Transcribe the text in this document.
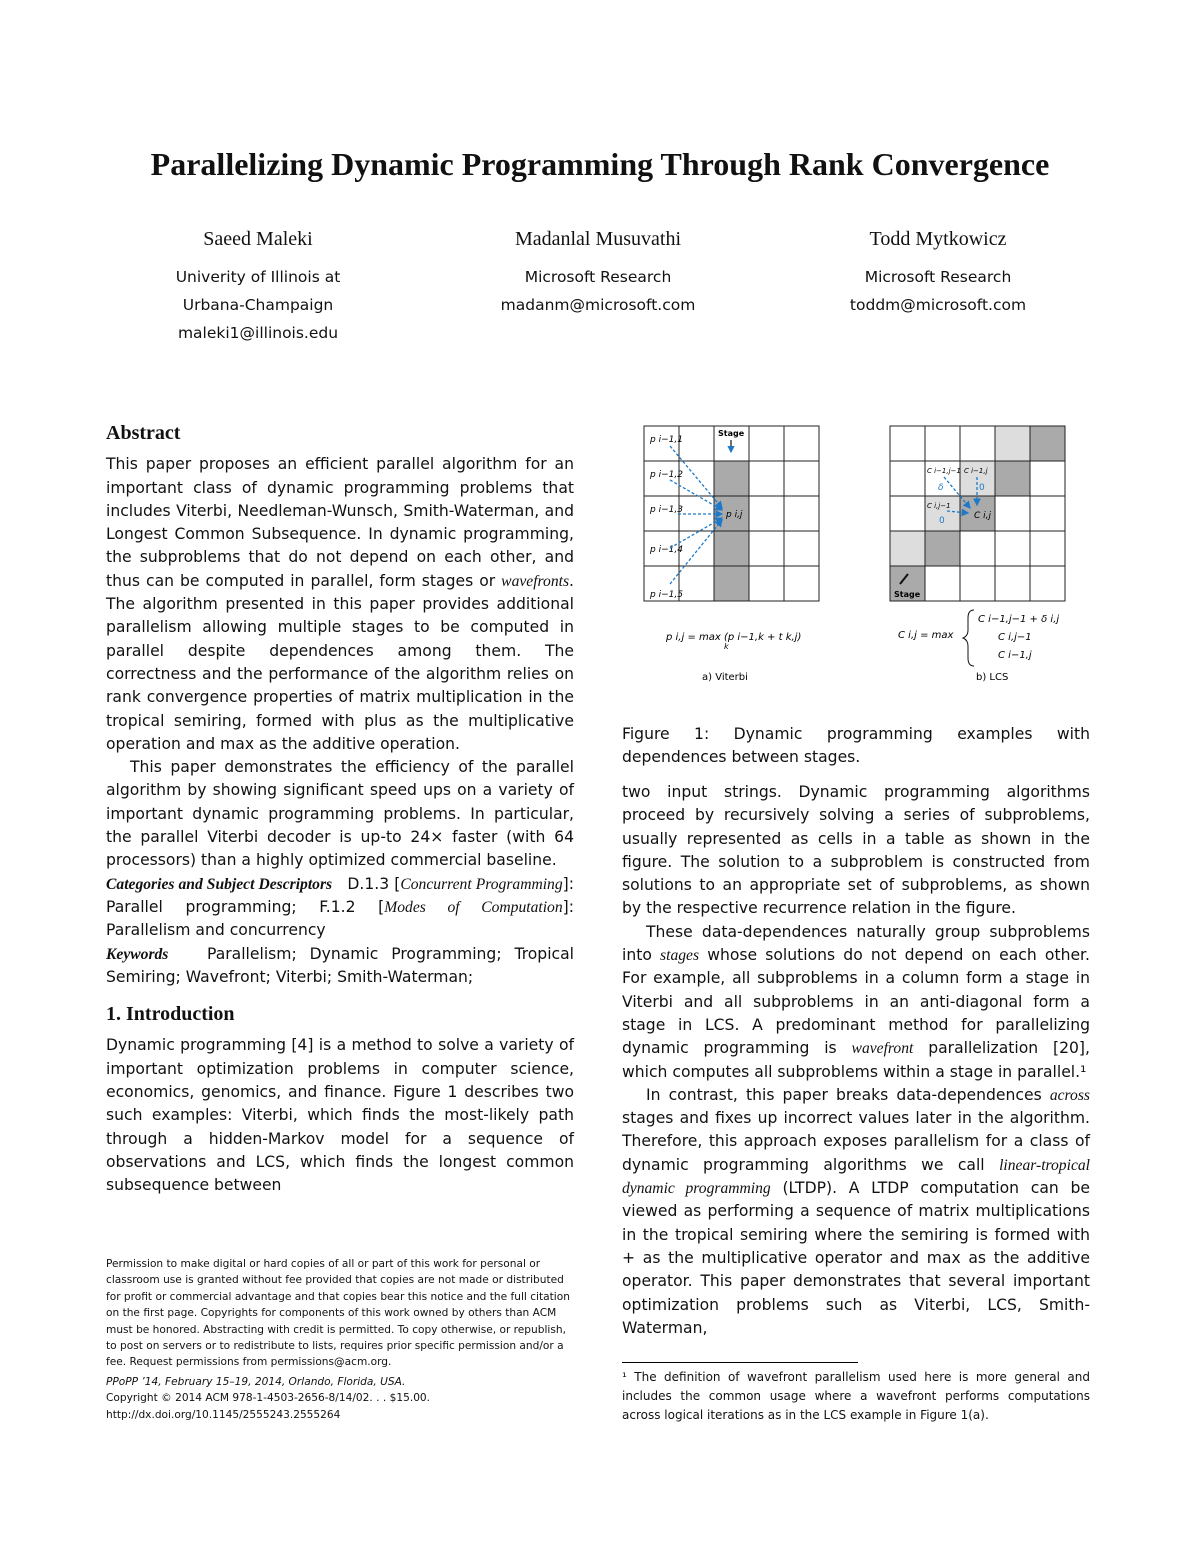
Parallelizing Dynamic Programming Through Rank Convergence
Saeed Maleki
Univerity of Illinois at
Urbana-Champaign
maleki1@illinois.edu
Madanlal Musuvathi
Microsoft Research
madanm@microsoft.com
Todd Mytkowicz
Microsoft Research
toddm@microsoft.com
Abstract

This paper proposes an efficient parallel algorithm for an important class of dynamic programming problems that includes Viterbi, Needleman-Wunsch, Smith-Waterman, and Longest Common Subsequence. In dynamic programming, the subproblems that do not depend on each other, and thus can be computed in parallel, form stages or wavefronts. The algorithm presented in this paper provides additional parallelism allowing multiple stages to be computed in parallel despite dependences among them. The correctness and the performance of the algorithm relies on rank convergence properties of matrix multiplication in the tropical semiring, formed with plus as the multiplicative operation and max as the additive operation.

This paper demonstrates the efficiency of the parallel algorithm by showing significant speed ups on a variety of important dynamic programming problems. In particular, the parallel Viterbi decoder is up-to 24× faster (with 64 processors) than a highly optimized commercial baseline.

Categories and Subject Descriptors D.1.3 [Concurrent Programming]: Parallel programming; F.1.2 [Modes of Computation]: Parallelism and concurrency

Keywords Parallelism; Dynamic Programming; Tropical Semiring; Wavefront; Viterbi; Smith-Waterman;

1. Introduction

Dynamic programming [4] is a method to solve a variety of important optimization problems in computer science, economics, genomics, and finance. Figure 1 describes two such examples: Viterbi, which finds the most-likely path through a hidden-Markov model for a sequence of observations and LCS, which finds the longest common subsequence between

Permission to make digital or hard copies of all or part of this work for personal or
classroom use is granted without fee provided that copies are not made or distributed
for profit or commercial advantage and that copies bear this notice and the full citation
on the first page. Copyrights for components of this work owned by others than ACM
must be honored. Abstracting with credit is permitted. To copy otherwise, or republish,
to post on servers or to redistribute to lists, requires prior specific permission and/or a
fee. Request permissions from permissions@acm.org.
PPoPP ’14, February 15–19, 2014, Orlando, Florida, USA.
Copyright © 2014 ACM 978-1-4503-2656-8/14/02. . . $15.00.
http://dx.doi.org/10.1145/2555243.2555264
p i−1,1
p i−1,2
p i−1,3
p i−1,4
p i−1,5
p i,j
Stage
p i,j = max (p i−1,k + t k,j)
k
a) Viterbi
C i−1,j−1 C i−1,j
C i,j−1
C i,j
δ	0
0
Stage
C i,j = max
C i−1,j−1 + δ i,j
C i,j−1
C i−1,j
b) LCS
Figure 1: Dynamic programming examples with dependences between stages.

two input strings. Dynamic programming algorithms proceed by recursively solving a series of subproblems, usually represented as cells in a table as shown in the figure. The solution to a subproblem is constructed from solutions to an appropriate set of subproblems, as shown by the respective recurrence relation in the figure.

These data-dependences naturally group subproblems into stages whose solutions do not depend on each other. For example, all subproblems in a column form a stage in Viterbi and all subproblems in an anti-diagonal form a stage in LCS. A predominant method for parallelizing dynamic programming is wavefront parallelization [20], which computes all subproblems within a stage in parallel.¹

In contrast, this paper breaks data-dependences across stages and fixes up incorrect values later in the algorithm. Therefore, this approach exposes parallelism for a class of dynamic programming algorithms we call linear-tropical dynamic programming (LTDP). A LTDP computation can be viewed as performing a sequence of matrix multiplications in the tropical semiring where the semiring is formed with + as the multiplicative operator and max as the additive operator. This paper demonstrates that several important optimization problems such as Viterbi, LCS, Smith-Waterman,

¹ The definition of wavefront parallelism used here is more general and includes the common usage where a wavefront performs computations across logical iterations as in the LCS example in Figure 1(a).
